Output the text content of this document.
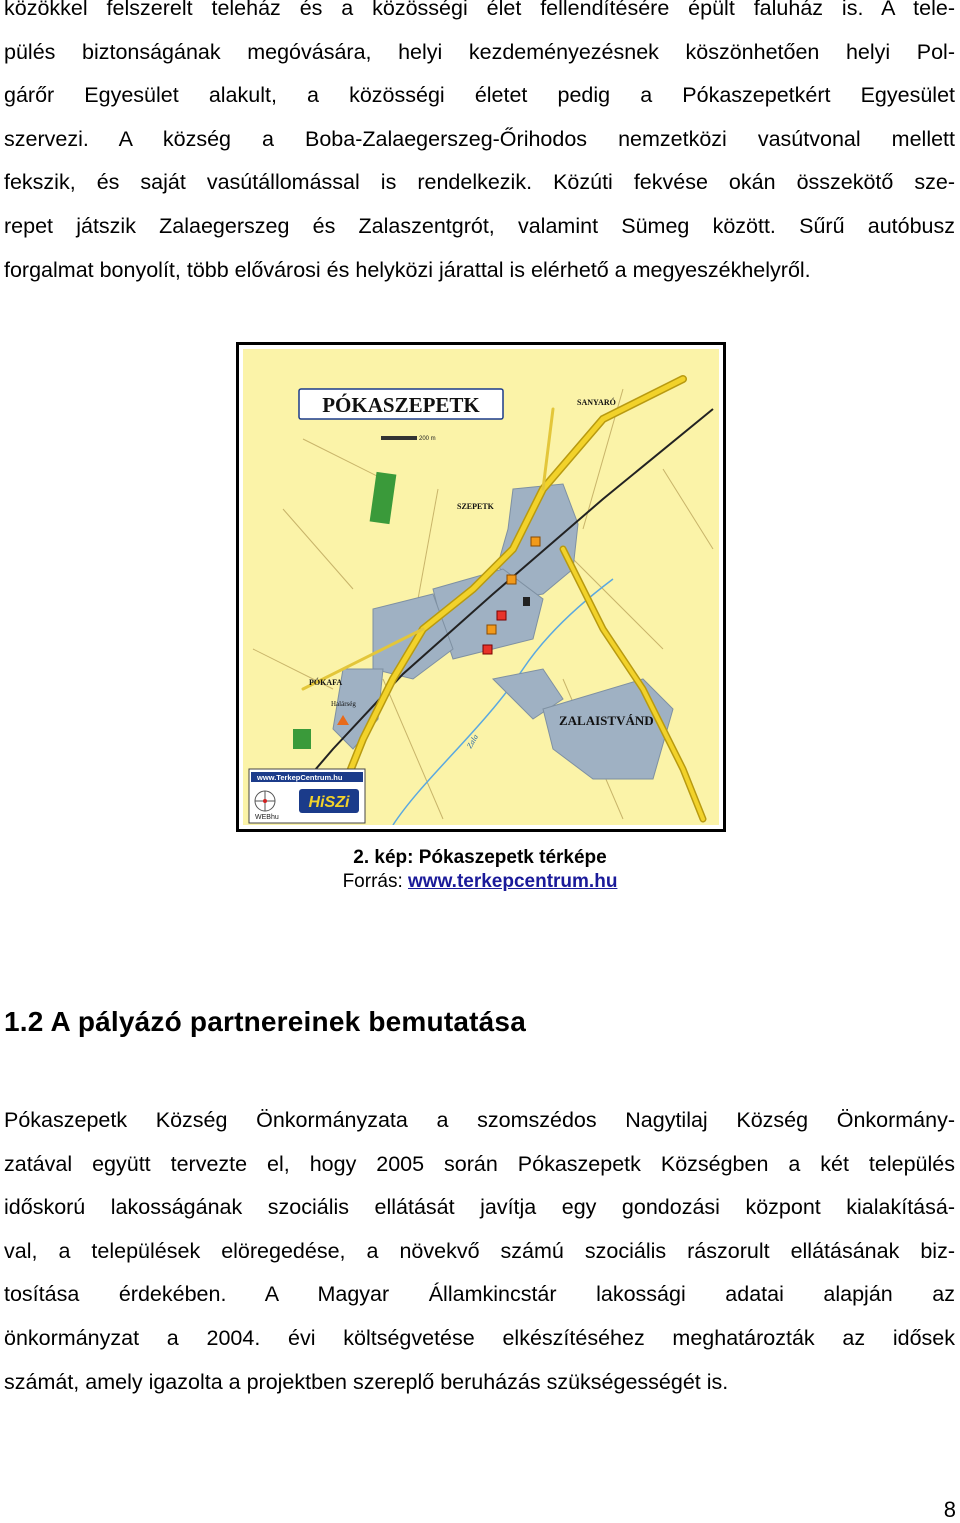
közökkel felszerelt teleház és a közösségi élet fellendítésére épült faluház is. A tele-
pülés biztonságának megóvására, helyi kezdeményezésnek köszönhetően helyi Pol-
gárőr Egyesület alakult, a közösségi életet pedig a Pókaszepetkért Egyesület
szervezi. A község a Boba-Zalaegerszeg-Őrihodos nemzetközi vasútvonal mellett
fekszik, és saját vasútállomással is rendelkezik. Közúti fekvése okán összekötő sze-
repet játszik Zalaegerszeg és Zalaszentgrót, valamint Sümeg között. Sűrű autóbusz
forgalmat bonyolít, több elővárosi és helyközi járattal is elérhető a megyeszékhelyről.
PÓKASZEPETK
200 m
SANYARÓ
SZEPETK
PÓKAFA
ZALAISTVÁND
Halárség
Zala
www.TerkepCentrum.hu
WEBhu
HiSZi
2. kép: Pókaszepetk térképe
Forrás: www.terkepcentrum.hu
1.2 A pályázó partnereinek bemutatása
Pókaszepetk Község Önkormányzata a szomszédos Nagytilaj Község Önkormány-
zatával együtt tervezte el, hogy 2005 során Pókaszepetk Községben a két település
időskorú lakosságának szociális ellátását javítja egy gondozási központ kialakításá-
val, a települések elöregedése, a növekvő számú szociális rászorult ellátásának biz-
tosítása érdekében. A Magyar Államkincstár lakossági adatai alapján az
önkormányzat a 2004. évi költségvetése elkészítéséhez meghatározták az idősek
számát, amely igazolta a projektben szereplő beruházás szükségességét is.
8
